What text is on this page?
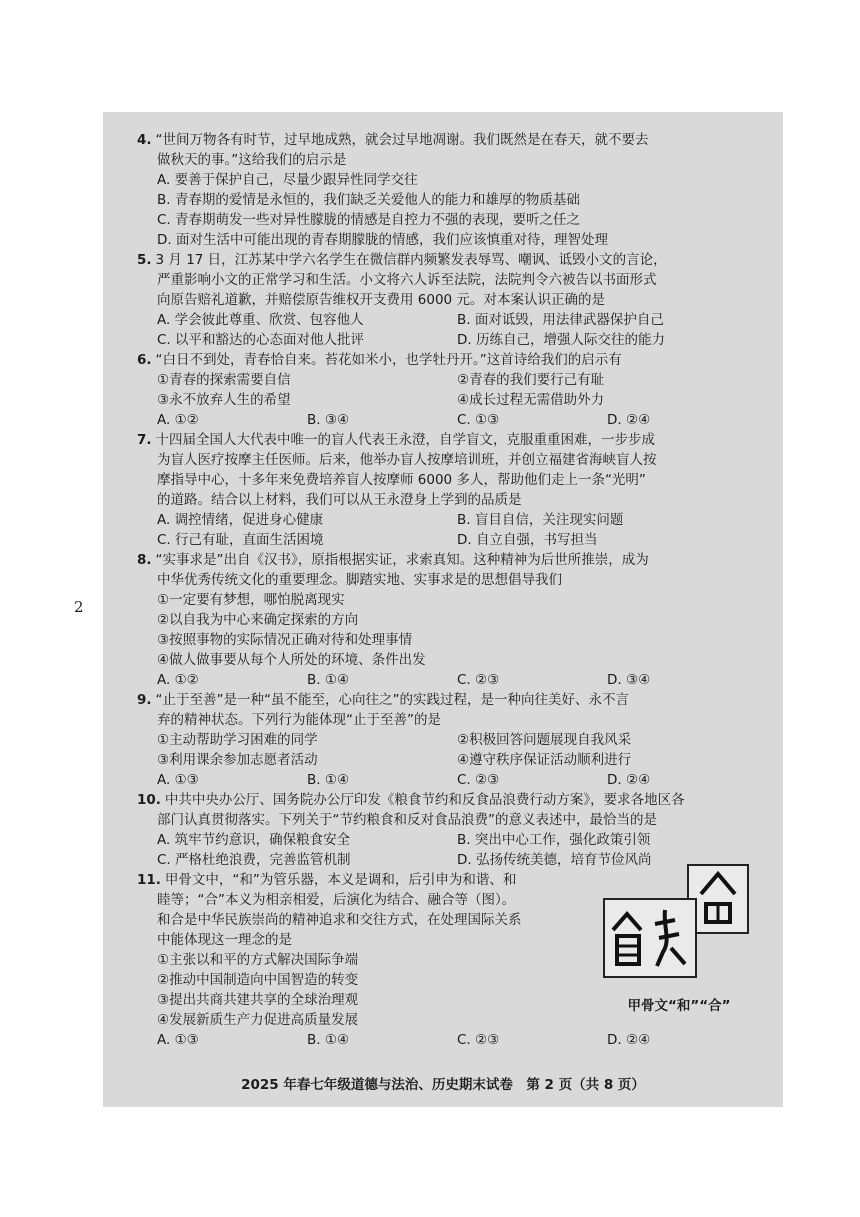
2
4. “世间万物各有时节，过早地成熟，就会过早地凋谢。我们既然是在春天，就不要去
做秋天的事。”这给我们的启示是
A. 要善于保护自己，尽量少跟异性同学交往
B. 青春期的爱情是永恒的，我们缺乏关爱他人的能力和雄厚的物质基础
C. 青春期萌发一些对异性朦胧的情感是自控力不强的表现，要听之任之
D. 面对生活中可能出现的青春期朦胧的情感，我们应该慎重对待，理智处理
5. 3 月 17 日，江苏某中学六名学生在微信群内频繁发表辱骂、嘲讽、诋毁小文的言论，
严重影响小文的正常学习和生活。小文将六人诉至法院，法院判令六被告以书面形式
向原告赔礼道歉，并赔偿原告维权开支费用 6000 元。对本案认识正确的是
A. 学会彼此尊重、欣赏、包容他人	B. 面对诋毁，用法律武器保护自己
C. 以平和豁达的心态面对他人批评	D. 历练自己，增强人际交往的能力
6. “白日不到处，青春恰自来。苔花如米小，也学牡丹开。”这首诗给我们的启示有
①青春的探索需要自信	②青春的我们要行己有耻
③永不放弃人生的希望	④成长过程无需借助外力
A. ①②	B. ③④	C. ①③	D. ②④
7. 十四届全国人大代表中唯一的盲人代表王永澄，自学盲文，克服重重困难，一步步成
为盲人医疗按摩主任医师。后来，他举办盲人按摩培训班，并创立福建省海峡盲人按
摩指导中心，十多年来免费培养盲人按摩师 6000 多人，帮助他们走上一条“光明”
的道路。结合以上材料，我们可以从王永澄身上学到的品质是
A. 调控情绪，促进身心健康	B. 盲目自信，关注现实问题
C. 行己有耻，直面生活困境	D. 自立自强，书写担当
8. “实事求是”出自《汉书》，原指根据实证，求索真知。这种精神为后世所推崇，成为
中华优秀传统文化的重要理念。脚踏实地、实事求是的思想倡导我们
①一定要有梦想，哪怕脱离现实
②以自我为中心来确定探索的方向
③按照事物的实际情况正确对待和处理事情
④做人做事要从每个人所处的环境、条件出发
A. ①②	B. ①④	C. ②③	D. ③④
9. “止于至善”是一种“虽不能至，心向往之”的实践过程，是一种向往美好、永不言
弃的精神状态。下列行为能体现“止于至善”的是
①主动帮助学习困难的同学	②积极回答问题展现自我风采
③利用课余参加志愿者活动	④遵守秩序保证活动顺利进行
A. ①③	B. ①④	C. ②③	D. ②④
10. 中共中央办公厅、国务院办公厅印发《粮食节约和反食品浪费行动方案》，要求各地区各
部门认真贯彻落实。下列关于“节约粮食和反对食品浪费”的意义表述中，最恰当的是
A. 筑牢节约意识，确保粮食安全	B. 突出中心工作，强化政策引领
C. 严格杜绝浪费，完善监管机制	D. 弘扬传统美德，培育节俭风尚
11. 甲骨文中，“和”为管乐器，本义是调和，后引申为和谐、和
睦等；“合”本义为相亲相爱，后演化为结合、融合等（图）。
和合是中华民族崇尚的精神追求和交往方式，在处理国际关系
中能体现这一理念的是
①主张以和平的方式解决国际争端
②推动中国制造向中国智造的转变
③提出共商共建共享的全球治理观
④发展新质生产力促进高质量发展
A. ①③	B. ①④	C. ②③	D. ②④
甲骨文“和”“合”
2025 年春七年级道德与法治、历史期末试卷　第 2 页（共 8 页）
